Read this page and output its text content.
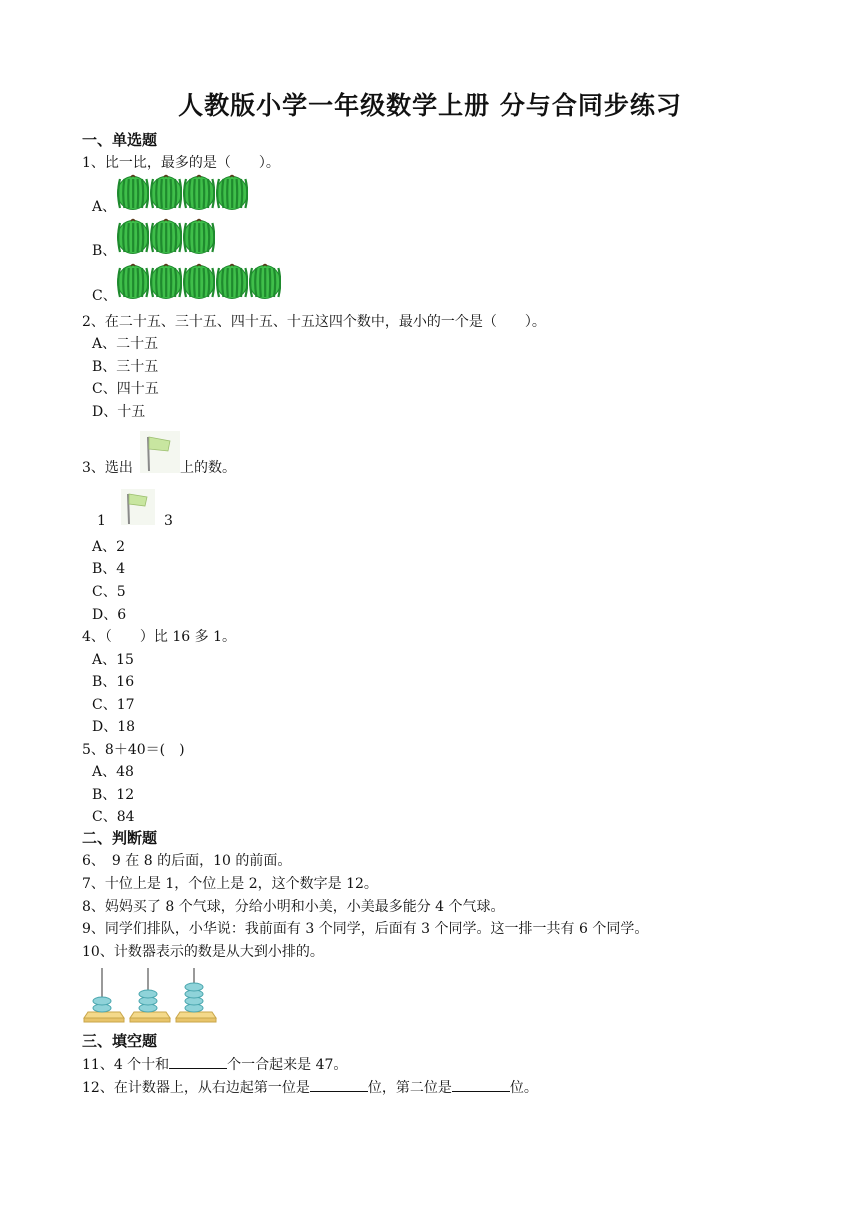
人教版小学一年级数学上册 分与合同步练习
一、单选题
1、比一比，最多的是（　　）。
A、
B、
C、
2、在二十五、三十五、四十五、十五这四个数中，最小的一个是（　　）。
A、二十五
B、三十五
C、四十五
D、十五
3、选出	上的数。
1	3
A、2
B、4
C、5
D、6
4、（　　）比 16 多 1。
A、15
B、16
C、17
D、18
5、8＋40＝(　)
A、48
B、12
C、84
二、判断题
6、　9 在 8 的后面，10 的前面。
7、十位上是 1，个位上是 2，这个数字是 12。
8、妈妈买了 8 个气球，分给小明和小美，小美最多能分 4 个气球。
9、同学们排队，小华说：我前面有 3 个同学，后面有 3 个同学。这一排一共有 6 个同学。
10、计数器表示的数是从大到小排的。
三、填空题
11、4 个十和	个一合起来是 47。
12、在计数器上，从右边起第一位是	位，第二位是	位。
